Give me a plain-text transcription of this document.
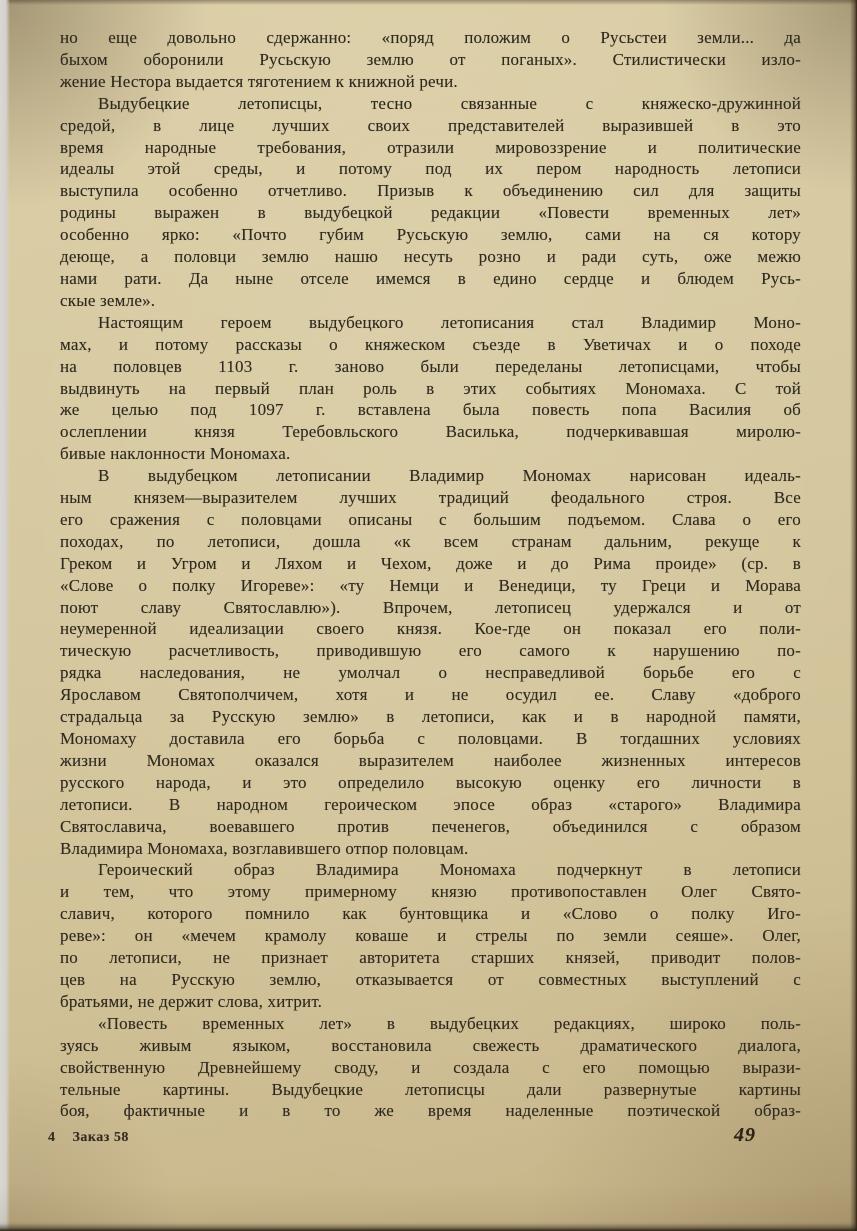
но еще довольно сдержанно: «поряд положим о Русьстеи земли... да
быхом оборонили Русьскую землю от поганых». Стилистически изло-
жение Нестора выдается тяготением к книжной речи.
Выдубецкие летописцы, тесно связанные с княжеско-дружинной
средой, в лице лучших своих представителей выразившей в это
время народные требования, отразили мировоззрение и политические
идеалы этой среды, и потому под их пером народность летописи
выступила особенно отчетливо. Призыв к объединению сил для защиты
родины выражен в выдубецкой редакции «Повести временных лет»
особенно ярко: «Почто губим Русьскую землю, сами на ся котору
деюще, а половци землю нашю несуть розно и ради суть, оже межю
нами рати. Да ныне отселе имемся в едино сердце и блюдем Русь-
скые земле».
Настоящим героем выдубецкого летописания стал Владимир Моно-
мах, и потому рассказы о княжеском съезде в Уветичах и о походе
на половцев 1103 г. заново были переделаны летописцами, чтобы
выдвинуть на первый план роль в этих событиях Мономаха. С той
же целью под 1097 г. вставлена была повесть попа Василия об
ослеплении князя Теребовльского Василька, подчеркивавшая миролю-
бивые наклонности Мономаха.
В выдубецком летописании Владимир Мономах нарисован идеаль-
ным князем—выразителем лучших традиций феодального строя. Все
его сражения с половцами описаны с большим подъемом. Слава о его
походах, по летописи, дошла «к всем странам дальним, рекуще к
Греком и Угром и Ляхом и Чехом, доже и до Рима проиде» (ср. в
«Слове о полку Игореве»: «ту Немци и Венедици, ту Греци и Морава
поют славу Святославлю»). Впрочем, летописец удержался и от
неумеренной идеализации своего князя. Кое-где он показал его поли-
тическую расчетливость, приводившую его самого к нарушению по-
рядка наследования, не умолчал о несправедливой борьбе его с
Ярославом Святополчичем, хотя и не осудил ее. Славу «доброго
страдальца за Русскую землю» в летописи, как и в народной памяти,
Мономаху доставила его борьба с половцами. В тогдашних условиях
жизни Мономах оказался выразителем наиболее жизненных интересов
русского народа, и это определило высокую оценку его личности в
летописи. В народном героическом эпосе образ «старого» Владимира
Святославича, воевавшего против печенегов, объединился с образом
Владимира Мономаха, возглавившего отпор половцам.
Героический образ Владимира Мономаха подчеркнут в летописи
и тем, что этому примерному князю противопоставлен Олег Свято-
славич, которого помнило как бунтовщика и «Слово о полку Иго-
реве»: он «мечем крамолу коваше и стрелы по земли сеяше». Олег,
по летописи, не признает авторитета старших князей, приводит полов-
цев на Русскую землю, отказывается от совместных выступлений с
братьями, не держит слова, хитрит.
«Повесть временных лет» в выдубецких редакциях, широко поль-
зуясь живым языком, восстановила свежесть драматического диалога,
свойственную Древнейшему своду, и создала с его помощью вырази-
тельные картины. Выдубецкие летописцы дали развернутые картины
боя, фактичные и в то же время наделенные поэтической образ-
4 Заказ 58	49
